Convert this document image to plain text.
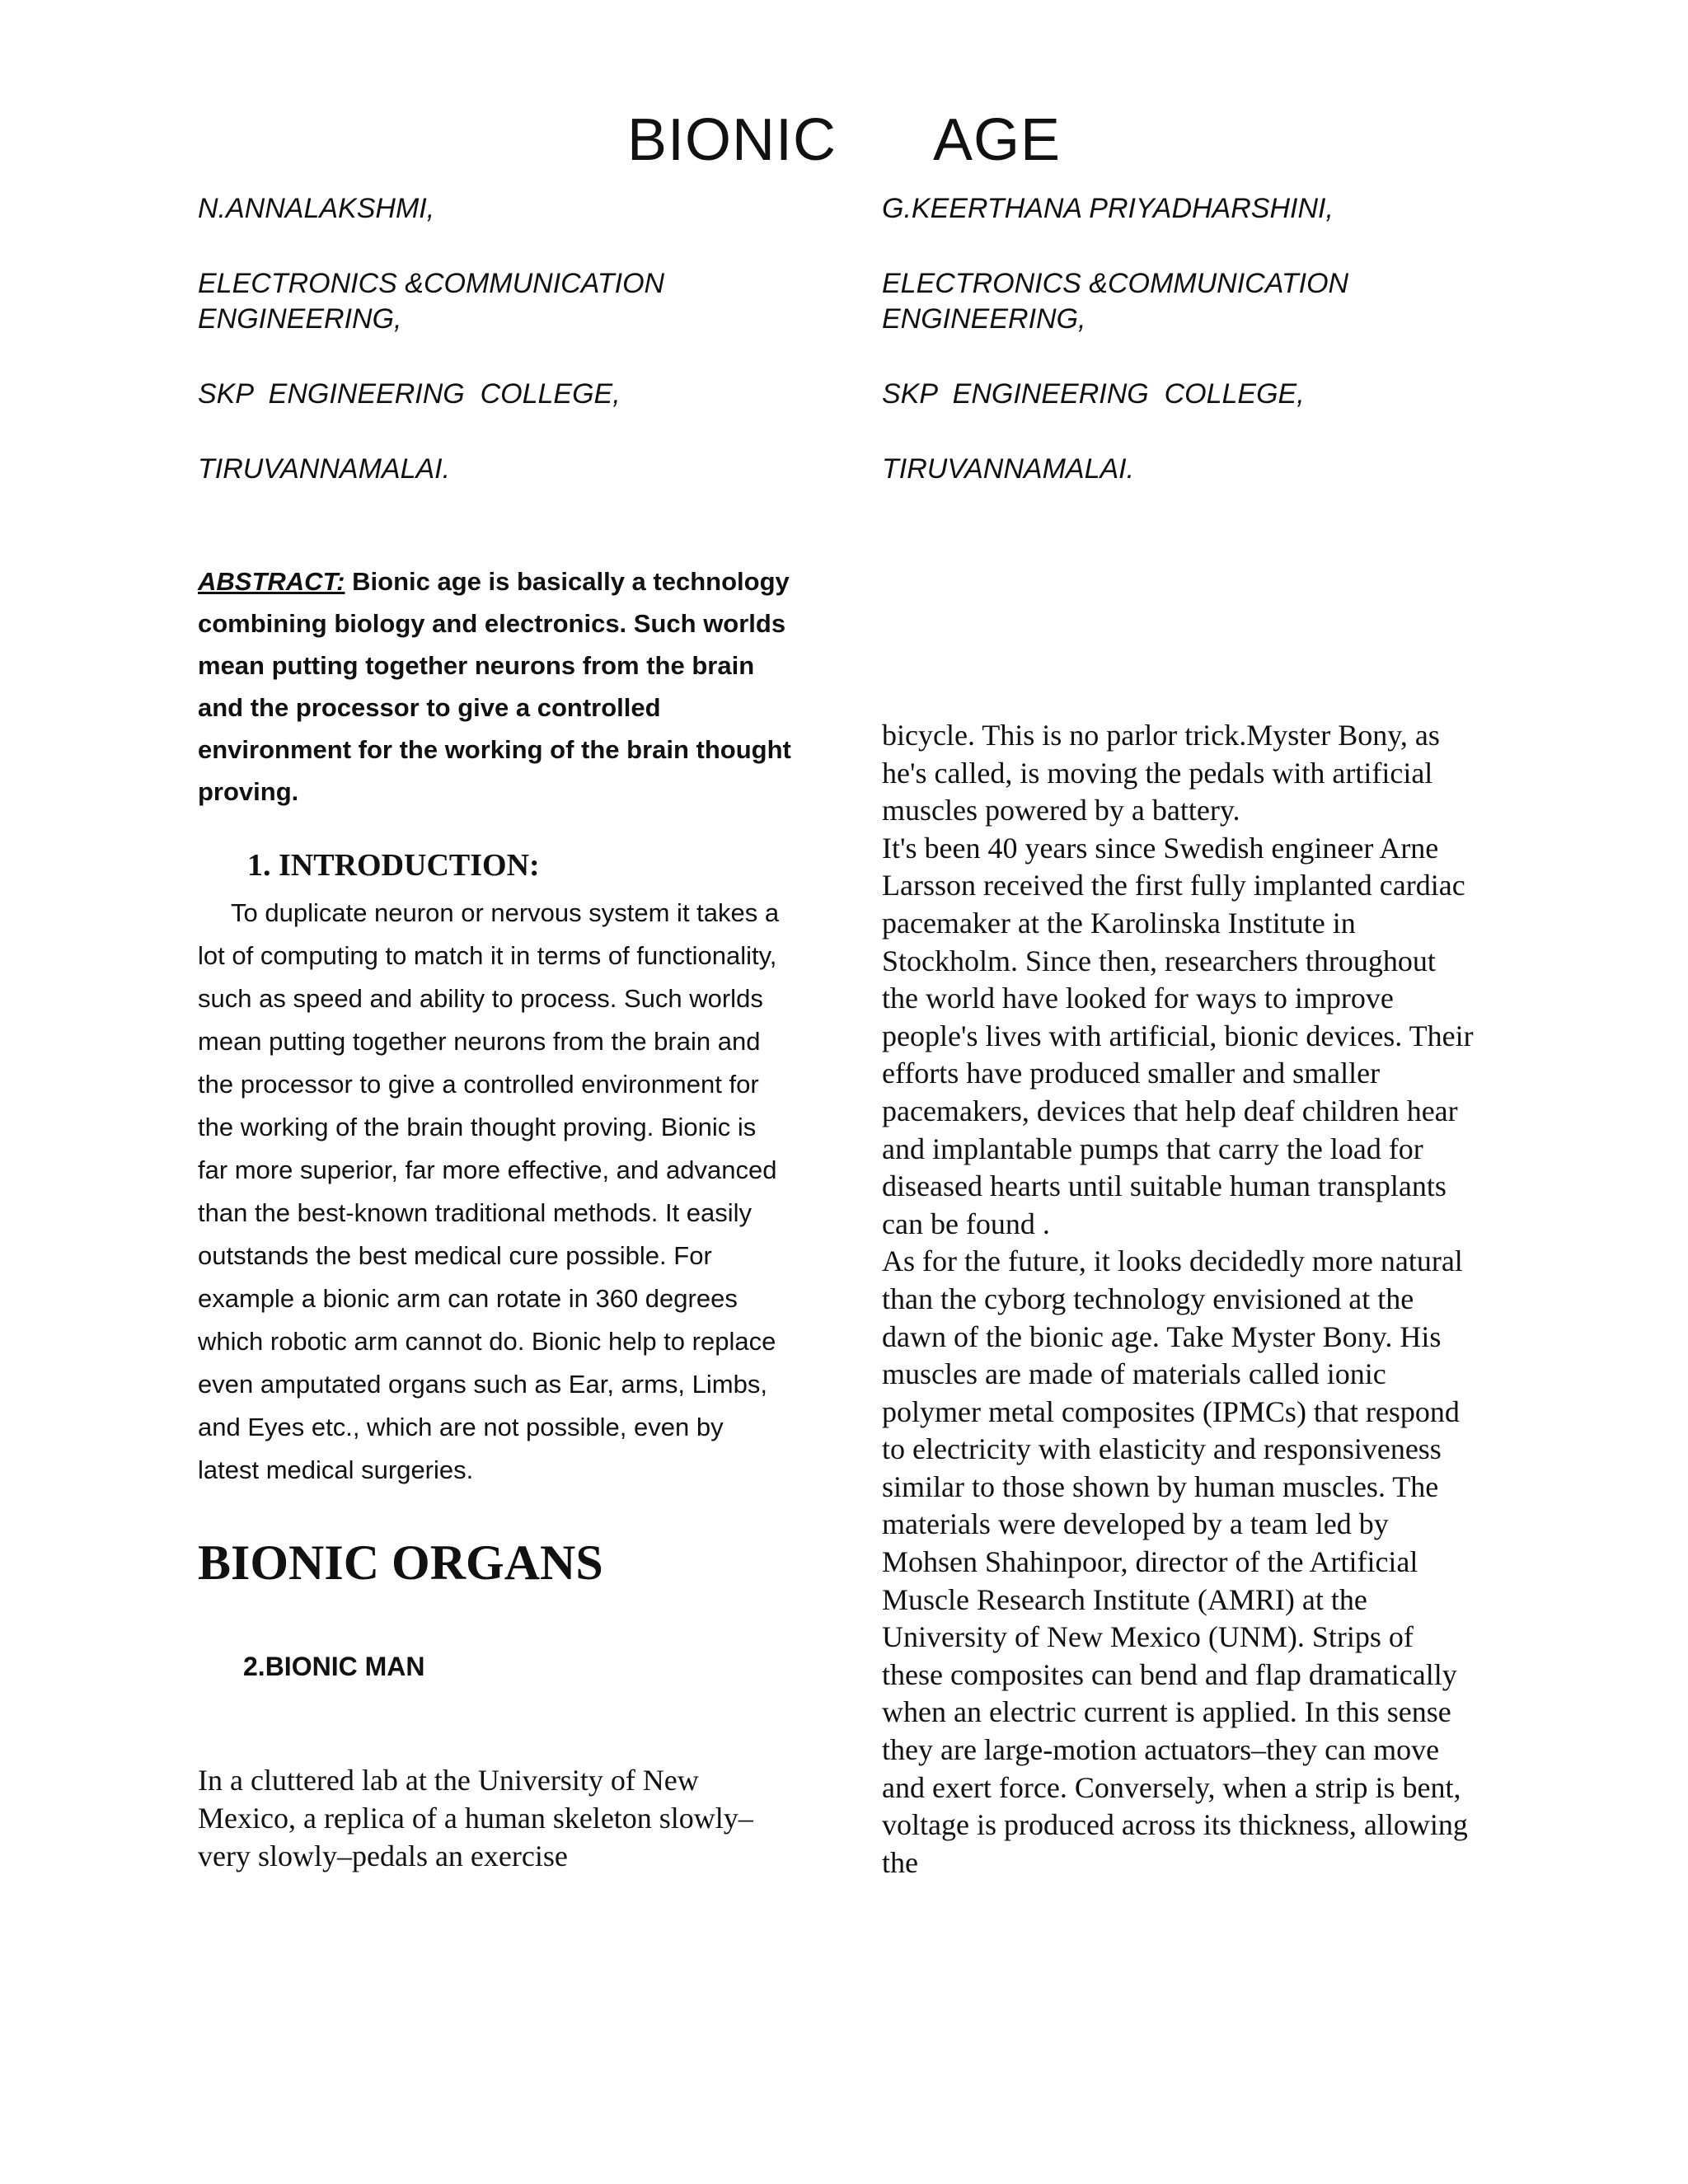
BIONIC AGE
N.ANNALAKSHMI,
ELECTRONICS &COMMUNICATION
ENGINEERING,
SKP  ENGINEERING  COLLEGE,
TIRUVANNAMALAI.
G.KEERTHANA PRIYADHARSHINI,
ELECTRONICS &COMMUNICATION
ENGINEERING,
SKP  ENGINEERING  COLLEGE,
TIRUVANNAMALAI.

ABSTRACT: Bionic age is basically a technology combining biology and electronics. Such worlds mean putting together neurons from the brain and the processor to give a controlled environment for the working of the brain thought proving.

1. INTRODUCTION:

To duplicate neuron or nervous system it takes a lot of computing to match it in terms of functionality, such as speed and ability to process. Such worlds mean putting together neurons from the brain and the processor to give a controlled environment for the working of the brain thought proving. Bionic is far more superior, far more effective, and advanced than the best-known traditional methods. It easily outstands the best medical cure possible. For example a bionic arm can rotate in 360 degrees which robotic arm cannot do. Bionic help to replace even amputated organs such as Ear, arms, Limbs, and Eyes etc., which are not possible, even by latest medical surgeries.

BIONIC ORGANS
2.BIONIC MAN

In a cluttered lab at the University of New Mexico, a replica of a human skeleton slowly–very slowly–pedals an exercise

bicycle. This is no parlor trick.Myster Bony, as he's called, is moving the pedals with artificial muscles powered by a battery.

It's been 40 years since Swedish engineer Arne Larsson received the first fully implanted cardiac pacemaker at the Karolinska Institute in Stockholm. Since then, researchers throughout the world have looked for ways to improve people's lives with artificial, bionic devices. Their efforts have produced smaller and smaller pacemakers, devices that help deaf children hear and implantable pumps that carry the load for diseased hearts until suitable human transplants can be found .

As for the future, it looks decidedly more natural than the cyborg technology envisioned at the dawn of the bionic age. Take Myster Bony. His muscles are made of materials called ionic polymer metal composites (IPMCs) that respond to electricity with elasticity and responsiveness similar to those shown by human muscles. The materials were developed by a team led by Mohsen Shahinpoor, director of the Artificial Muscle Research Institute (AMRI) at the University of New Mexico (UNM). Strips of these composites can bend and flap dramatically when an electric current is applied. In this sense they are large-motion actuators–they can move and exert force. Conversely, when a strip is bent, voltage is produced across its thickness, allowing the
